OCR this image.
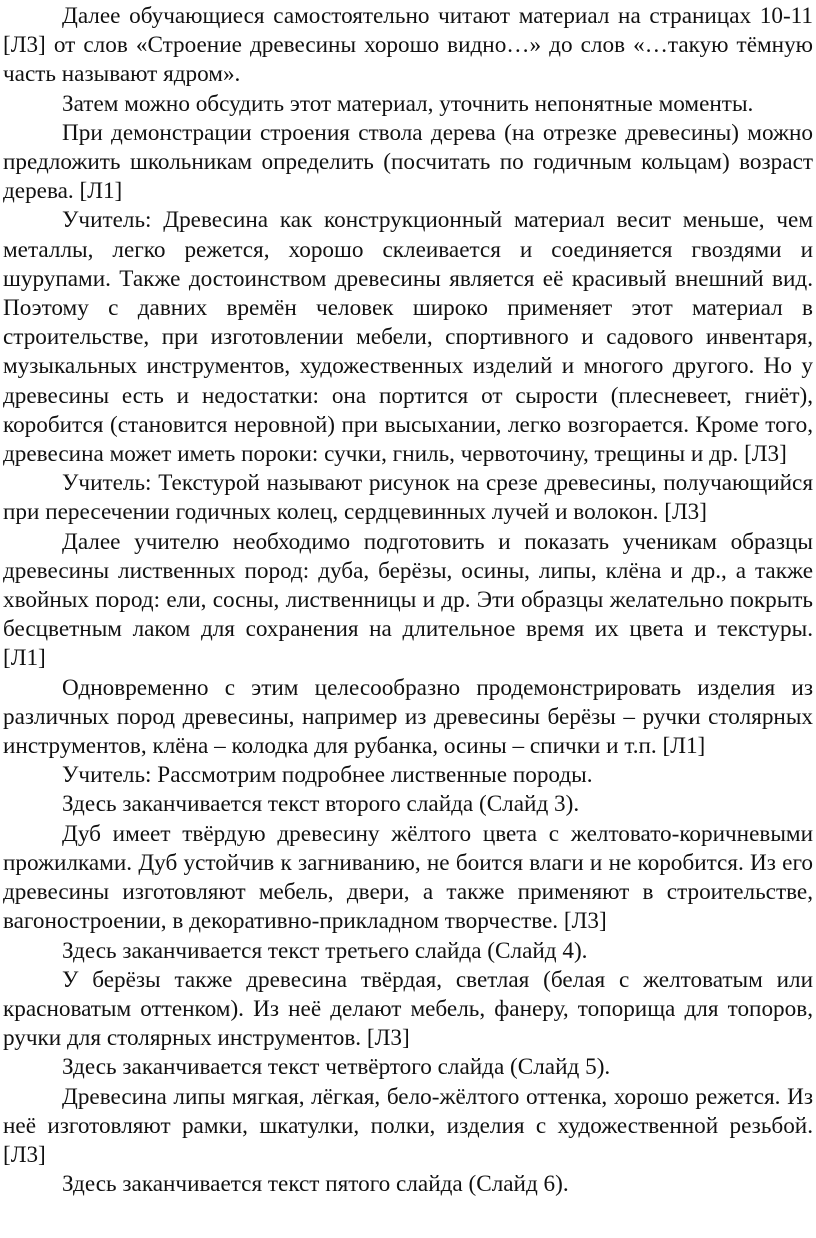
Далее обучающиеся самостоятельно читают материал на страницах 10-11 [Л3] от слов «Строение древесины хорошо видно…» до слов «…такую тёмную часть называют ядром».

Затем можно обсудить этот материал, уточнить непонятные моменты.

При демонстрации строения ствола дерева (на отрезке древесины) можно предложить школьникам определить (посчитать по годичным кольцам) возраст дерева. [Л1]

Учитель: Древесина как конструкционный материал весит меньше, чем металлы, легко режется, хорошо склеивается и соединяется гвоздями и шурупами. Также достоинством древесины является её красивый внешний вид. Поэтому с давних времён человек широко применяет этот материал в строительстве, при изготовлении мебели, спортивного и садового инвентаря, музыкальных инструментов, художественных изделий и многого другого. Но у древесины есть и недостатки: она портится от сырости (плесневеет, гниёт), коробится (становится неровной) при высыхании, легко возгорается. Кроме того, древесина может иметь пороки: сучки, гниль, червоточину, трещины и др. [Л3]

Учитель: Текстурой называют рисунок на срезе древесины, получающийся при пересечении годичных колец, сердцевинных лучей и волокон. [Л3]

Далее учителю необходимо подготовить и показать ученикам образцы древесины лиственных пород: дуба, берёзы, осины, липы, клёна и др., а также хвойных пород: ели, сосны, лиственницы и др. Эти образцы желательно покрыть бесцветным лаком для сохранения на длительное время их цвета и текстуры. [Л1]

Одновременно с этим целесообразно продемонстрировать изделия из различных пород древесины, например из древесины берёзы – ручки столярных инструментов, клёна – колодка для рубанка, осины – спички и т.п. [Л1]

Учитель: Рассмотрим подробнее лиственные породы.

Здесь заканчивается текст второго слайда (Слайд 3).

Дуб имеет твёрдую древесину жёлтого цвета с желтовато-коричневыми прожилками. Дуб устойчив к загниванию, не боится влаги и не коробится. Из его древесины изготовляют мебель, двери, а также применяют в строительстве, вагоностроении, в декоративно-прикладном творчестве. [Л3]

Здесь заканчивается текст третьего слайда (Слайд 4).

У берёзы также древесина твёрдая, светлая (белая с желтоватым или красноватым оттенком). Из неё делают мебель, фанеру, топорища для топоров, ручки для столярных инструментов. [Л3]

Здесь заканчивается текст четвёртого слайда (Слайд 5).

Древесина липы мягкая, лёгкая, бело-жёлтого оттенка, хорошо режется. Из неё изготовляют рамки, шкатулки, полки, изделия с художественной резьбой. [Л3]

Здесь заканчивается текст пятого слайда (Слайд 6).
